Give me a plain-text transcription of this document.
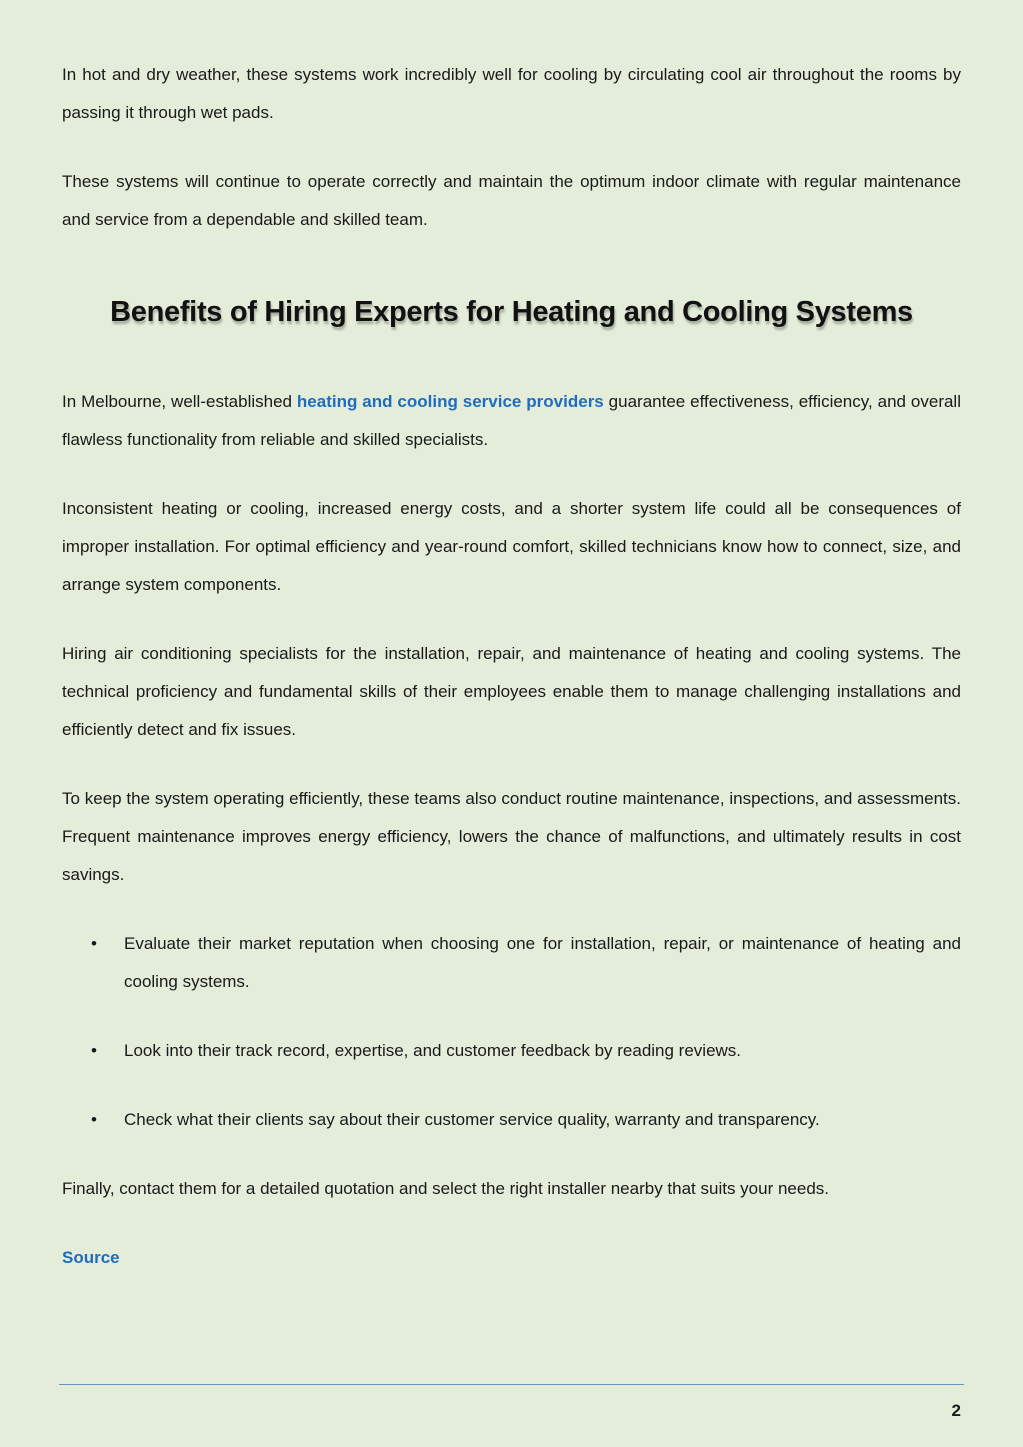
In hot and dry weather, these systems work incredibly well for cooling by circulating cool air throughout the rooms by passing it through wet pads.

These systems will continue to operate correctly and maintain the optimum indoor climate with regular maintenance and service from a dependable and skilled team.

Benefits of Hiring Experts for Heating and Cooling Systems

In Melbourne, well-established heating and cooling service providers guarantee effectiveness, efficiency, and overall flawless functionality from reliable and skilled specialists.

Inconsistent heating or cooling, increased energy costs, and a shorter system life could all be consequences of improper installation. For optimal efficiency and year-round comfort, skilled technicians know how to connect, size, and arrange system components.

Hiring air conditioning specialists for the installation, repair, and maintenance of heating and cooling systems. The technical proficiency and fundamental skills of their employees enable them to manage challenging installations and efficiently detect and fix issues.

To keep the system operating efficiently, these teams also conduct routine maintenance, inspections, and assessments. Frequent maintenance improves energy efficiency, lowers the chance of malfunctions, and ultimately results in cost savings.

• Evaluate their market reputation when choosing one for installation, repair, or maintenance of heating and cooling systems.
• Look into their track record, expertise, and customer feedback by reading reviews.
• Check what their clients say about their customer service quality, warranty and transparency.

Finally, contact them for a detailed quotation and select the right installer nearby that suits your needs.

Source
2
